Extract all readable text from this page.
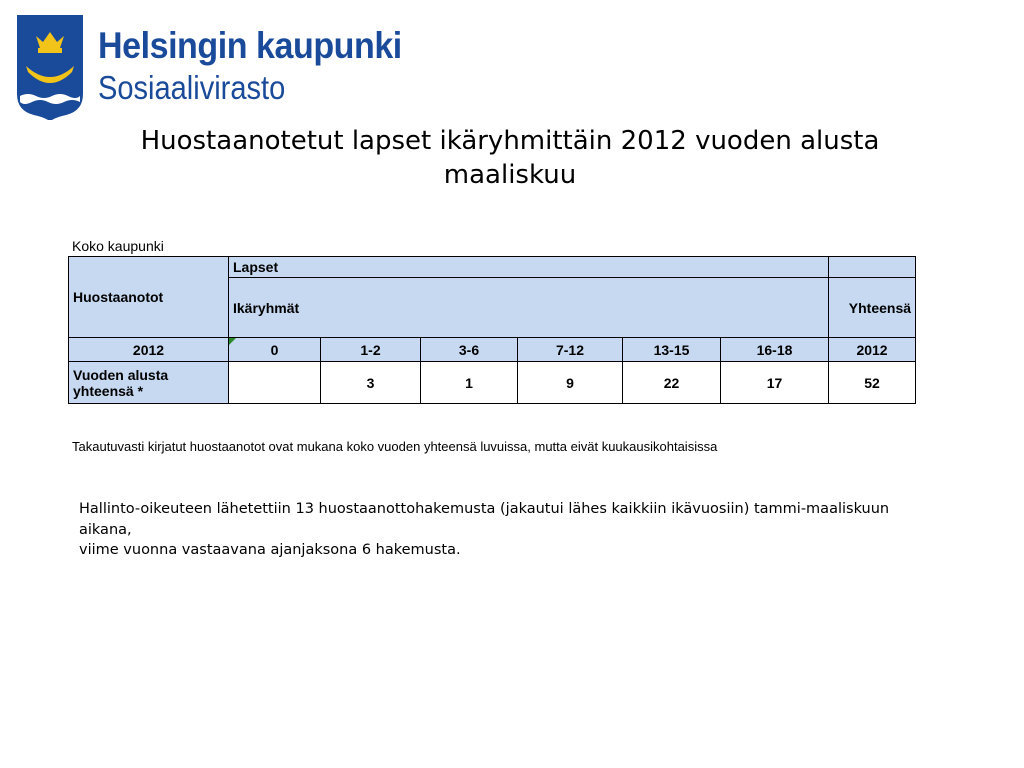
Helsingin kaupunki
Sosiaalivirasto
Huostaanotetut lapset ikäryhmittäin 2012 vuoden alusta
maaliskuu
Koko kaupunki
Huostaanotot	Lapset						
	Ikäryhmät						Yhteensä
2012	0	1-2	3-6	7-12	13-15	16-18	2012

Vuoden alusta
yhteensä *		3	1	9	22	17	52
Takautuvasti kirjatut huostaanotot ovat mukana koko vuoden yhteensä luvuissa, mutta eivät kuukausikohtaisissa

Hallinto-oikeuteen lähetettiin 13 huostaanottohakemusta (jakautui lähes kaikkiin ikävuosiin) tammi-maaliskuun aikana,

viime vuonna vastaavana ajanjaksona 6 hakemusta.
